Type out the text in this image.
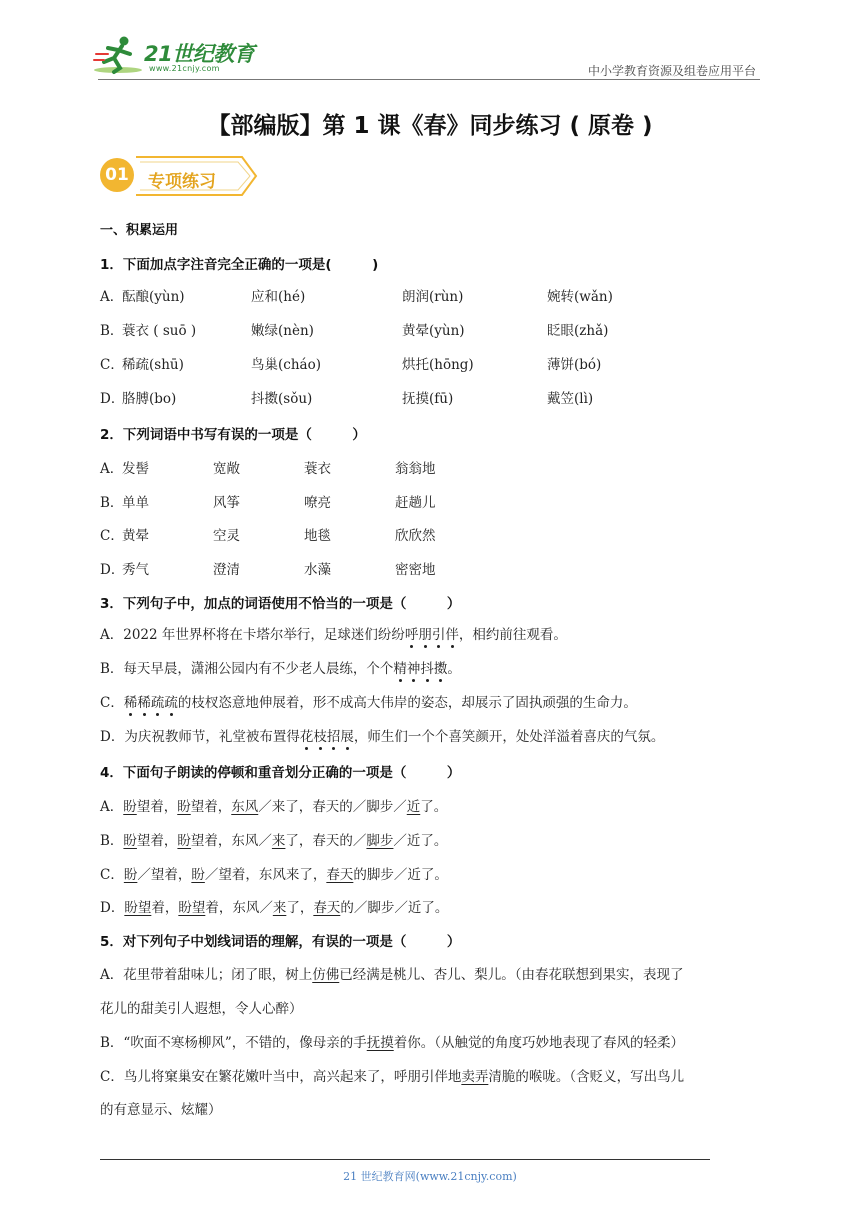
21世纪教育
www.21cnjy.com	中小学教育资源及组卷应用平台
【部编版】第 1 课《春》同步练习 ( 原卷 )
01	专项练习
一、积累运用
1．下面加点字注音完全正确的一项是(　　　)
A．
酝酿(yùn)	应和(hé)	朗润(rùn)	婉转(wǎn)
B．
蓑衣 ( suō )	嫩绿(nèn)	黄晕(yùn)	眨眼(zhǎ)
C．
稀疏(shū)	鸟巢(cháo)	烘托(hōng)	薄饼(bó)
D．
胳膊(bo)	抖擞(sǒu)	抚摸(fū)	戴笠(lì)
2．下列词语中书写有误的一项是（　　　）
A．
发髻	宽敞	蓑衣	翁翁地
B．
单单	风筝	嘹亮	赶趟儿
C．
黄晕	空灵	地毯	欣欣然
D．
秀气	澄清	水藻	密密地
3．下列句子中，加点的词语使用不恰当的一项是（　　　）
A．2022 年世界杯将在卡塔尔举行，足球迷们纷纷呼朋引伴，相约前往观看。
B．每天早晨，潇湘公园内有不少老人晨练，个个精神抖擞。
C．稀稀疏疏的枝杈恣意地伸展着，形不成高大伟岸的姿态，却展示了固执顽强的生命力。
D．为庆祝教师节，礼堂被布置得花枝招展，师生们一个个喜笑颜开，处处洋溢着喜庆的气氛。
4．下面句子朗读的停顿和重音划分正确的一项是（　　　）
A．盼望着，盼望着，东风／来了，春天的／脚步／近了。
B．盼望着，盼望着，东风／来了，春天的／脚步／近了。
C．盼／望着，盼／望着，东风来了，春天的脚步／近了。
D．盼望着，盼望着，东风／来了，春天的／脚步／近了。
5．对下列句子中划线词语的理解，有误的一项是（　　　）
A．花里带着甜味儿；闭了眼，树上仿佛已经满是桃儿、杏儿、梨儿。（由春花联想到果实，表现了
花儿的甜美引人遐想，令人心醉）
B．“吹面不寒杨柳风”，不错的，像母亲的手抚摸着你。（从触觉的角度巧妙地表现了春风的轻柔）
C．鸟儿将窠巢安在繁花嫩叶当中，高兴起来了，呼朋引伴地卖弄清脆的喉咙。（含贬义，写出鸟儿
的有意显示、炫耀）
21 世纪教育网(www.21cnjy.com)
